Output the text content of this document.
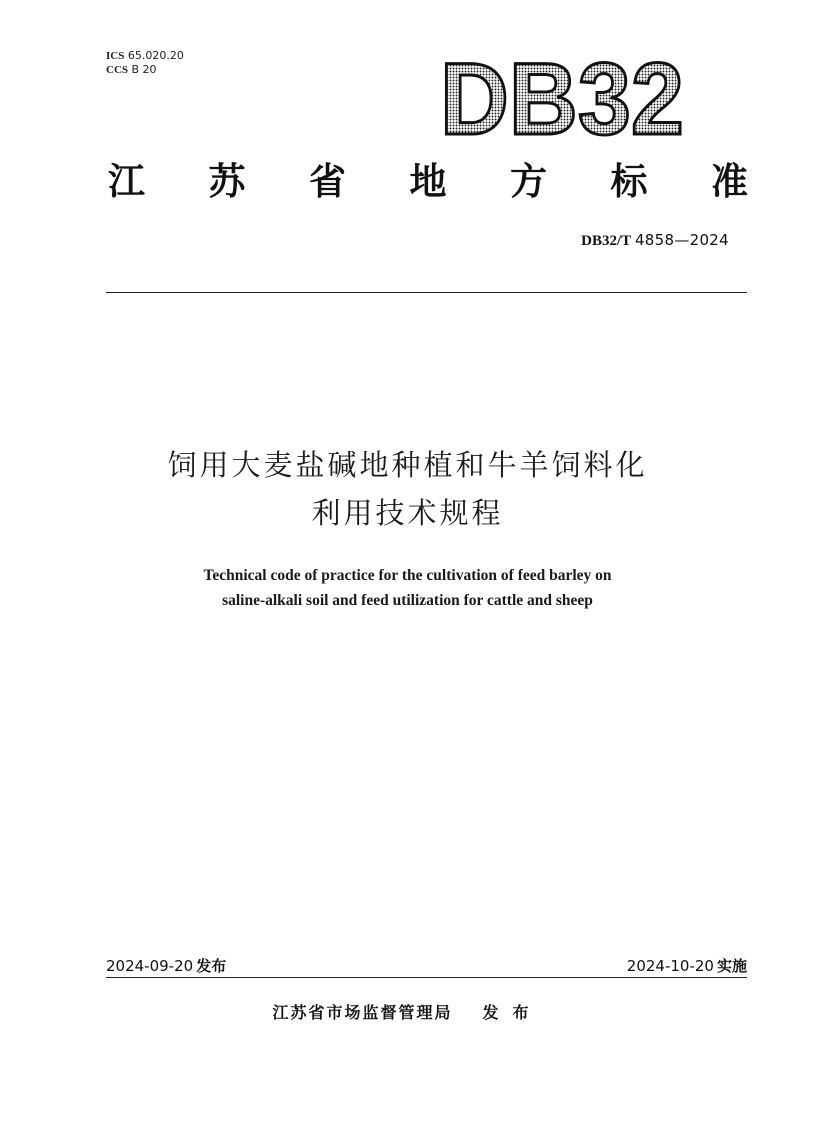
ICS 65.020.20
CCS B 20	DB32
江 苏 省 地 方 标 准
DB32/T 4858—2024
饲用大麦盐碱地种植和牛羊饲料化
利用技术规程
Technical code of practice for the cultivation of feed barley on
saline-alkali soil and feed utilization for cattle and sheep
2024-09-20 发布	2024-10-20 实施
江苏省市场监督管理局 发布
